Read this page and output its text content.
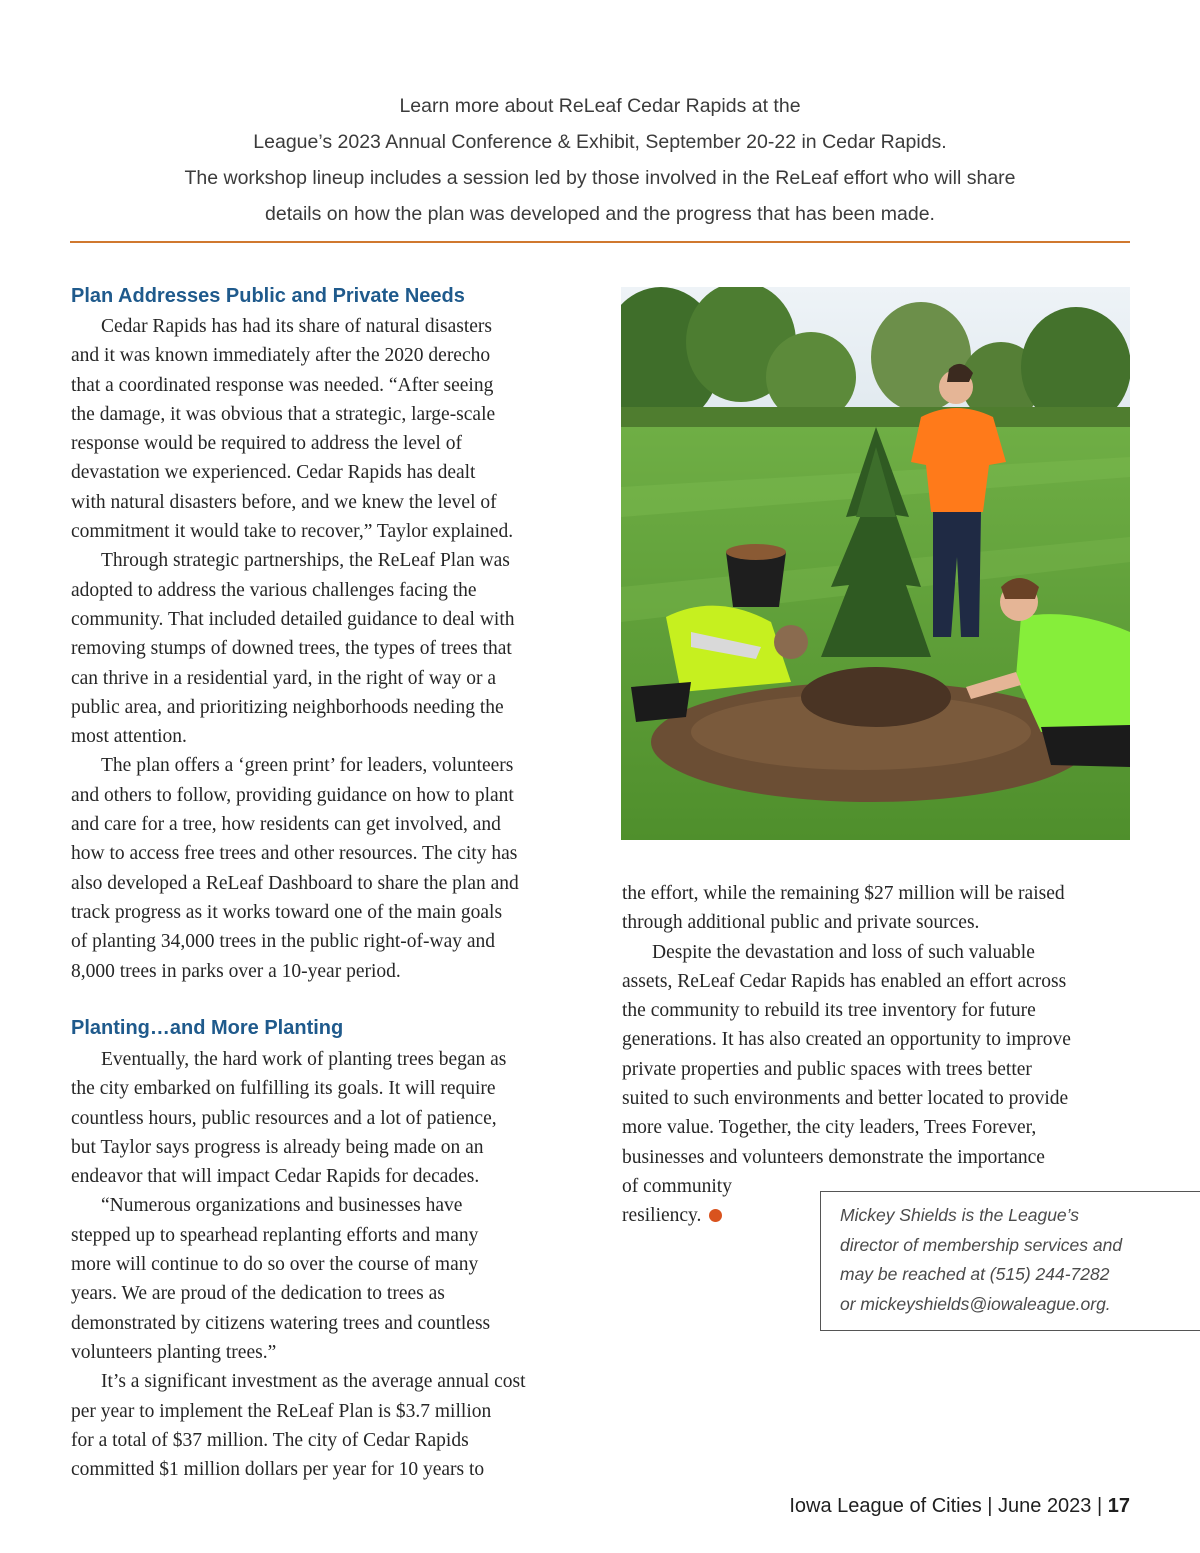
Learn more about ReLeaf Cedar Rapids at the
League’s 2023 Annual Conference & Exhibit, September 20-22 in Cedar Rapids.
The workshop lineup includes a session led by those involved in the ReLeaf effort who will share
details on how the plan was developed and the progress that has been made.
Plan Addresses Public and Private Needs
Cedar Rapids has had its share of natural disasters
and it was known immediately after the 2020 derecho
that a coordinated response was needed. “After seeing
the damage, it was obvious that a strategic, large-scale
response would be required to address the level of
devastation we experienced. Cedar Rapids has dealt
with natural disasters before, and we knew the level of
commitment it would take to recover,” Taylor explained.
Through strategic partnerships, the ReLeaf Plan was
adopted to address the various challenges facing the
community. That included detailed guidance to deal with
removing stumps of downed trees, the types of trees that
can thrive in a residential yard, in the right of way or a
public area, and prioritizing neighborhoods needing the
most attention.
The plan offers a ‘green print’ for leaders, volunteers
and others to follow, providing guidance on how to plant
and care for a tree, how residents can get involved, and
how to access free trees and other resources. The city has
also developed a ReLeaf Dashboard to share the plan and
track progress as it works toward one of the main goals
of planting 34,000 trees in the public right-of-way and
8,000 trees in parks over a 10-year period.
Planting…and More Planting
Eventually, the hard work of planting trees began as
the city embarked on fulfilling its goals. It will require
countless hours, public resources and a lot of patience,
but Taylor says progress is already being made on an
endeavor that will impact Cedar Rapids for decades.
“Numerous organizations and businesses have
stepped up to spearhead replanting efforts and many
more will continue to do so over the course of many
years. We are proud of the dedication to trees as
demonstrated by citizens watering trees and countless
volunteers planting trees.”
It’s a significant investment as the average annual cost
per year to implement the ReLeaf Plan is $3.7 million
for a total of $37 million. The city of Cedar Rapids
committed $1 million dollars per year for 10 years to
the effort, while the remaining $27 million will be raised
through additional public and private sources.
Despite the devastation and loss of such valuable
assets, ReLeaf Cedar Rapids has enabled an effort across
the community to rebuild its tree inventory for future
generations. It has also created an opportunity to improve
private properties and public spaces with trees better
suited to such environments and better located to provide
more value. Together, the city leaders, Trees Forever,
businesses and volunteers demonstrate the importance
of community
resiliency.	Mickey Shields is the League’s
director of membership services and
may be reached at (515) 244-7282
or mickeyshields@iowaleague.org.
Iowa League of Cities | June 2023 | 17
